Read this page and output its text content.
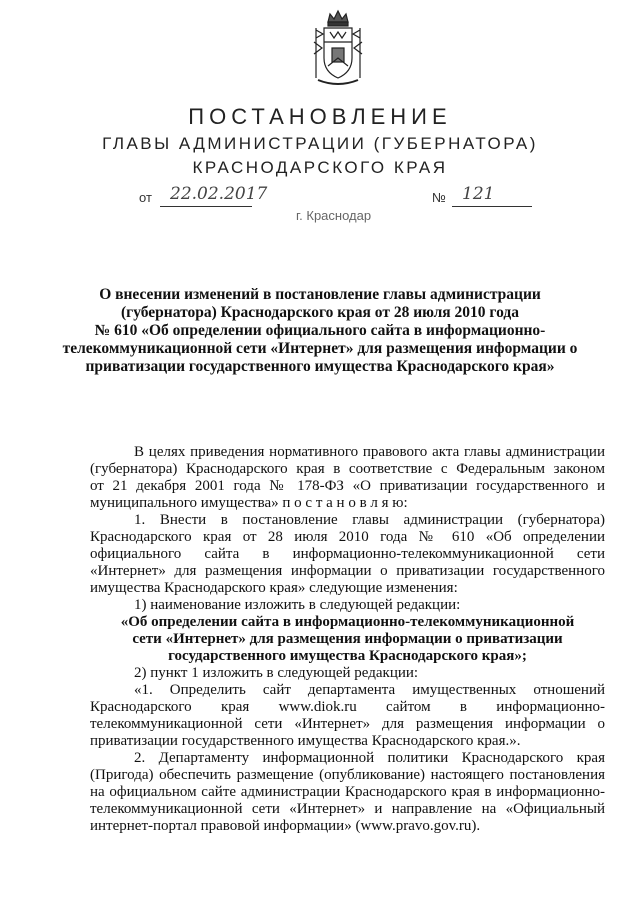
ПОСТАНОВЛЕНИЕ
ГЛАВЫ АДМИНИСТРАЦИИ (ГУБЕРНАТОРА)
КРАСНОДАРСКОГО КРАЯ
от 22.02.2017	№ 121
г. Краснодар
О внесении изменений в постановление главы администрации
(губернатора) Краснодарского края от 28 июля 2010 года
№ 610 «Об определении официального сайта в информационно-
телекоммуникационной сети «Интернет» для размещения информации о
приватизации государственного имущества Краснодарского края»
В целях приведения нормативного правового акта главы администрации
(губернатора) Краснодарского края в соответствие с Федеральным законом
от 21 декабря 2001 года № 178-ФЗ «О приватизации государственного и
муниципального имущества» п о с т а н о в л я ю:
1. Внести в постановление главы администрации (губернатора)
Краснодарского края от 28 июля 2010 года № 610 «Об определении
официального сайта в информационно-телекоммуникационной сети
«Интернет» для размещения информации о приватизации государственного
имущества Краснодарского края» следующие изменения:
1) наименование изложить в следующей редакции:
«Об определении сайта в информационно-телекоммуникационной
сети «Интернет» для размещения информации о приватизации
государственного имущества Краснодарского края»;
2) пункт 1 изложить в следующей редакции:
«1. Определить сайт департамента имущественных отношений
Краснодарского края www.diok.ru сайтом в информационно-
телекоммуникационной сети «Интернет» для размещения информации о
приватизации государственного имущества Краснодарского края.».
2. Департаменту информационной политики Краснодарского края
(Пригода) обеспечить размещение (опубликование) настоящего постановления
на официальном сайте администрации Краснодарского края в информационно-
телекоммуникационной сети «Интернет» и направление на «Официальный
интернет-портал правовой информации» (www.pravo.gov.ru).
